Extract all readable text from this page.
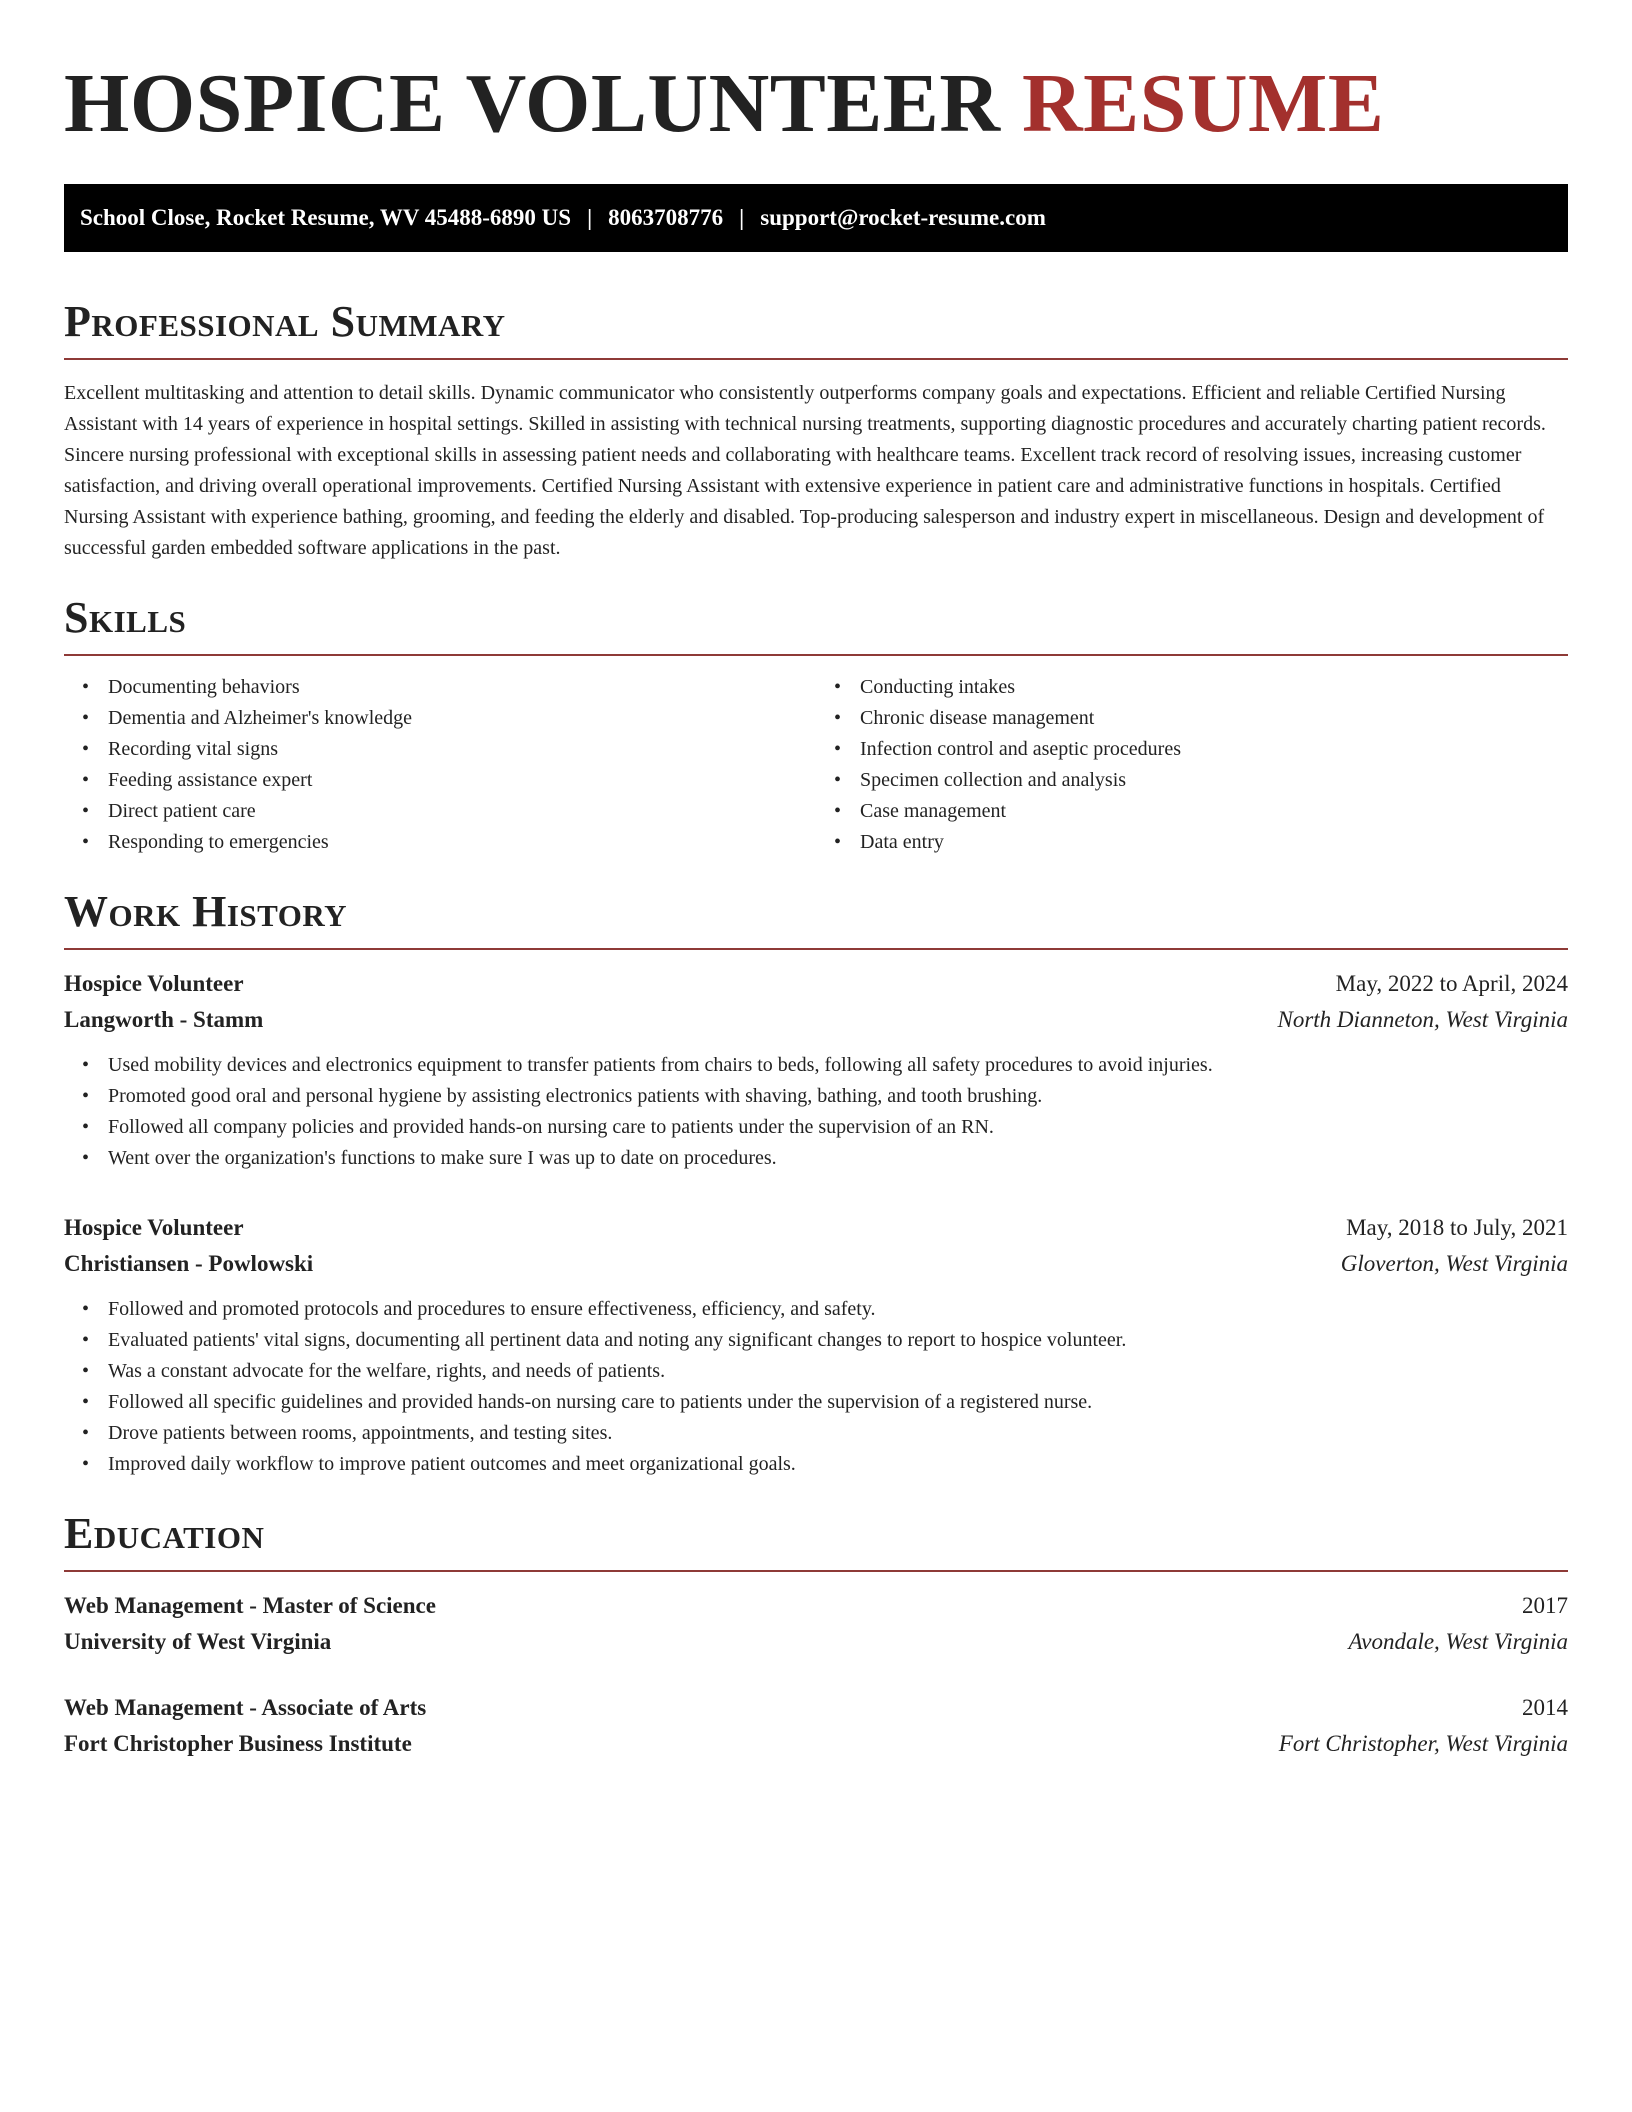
HOSPICE VOLUNTEER RESUME
School Close, Rocket Resume, WV 45488-6890 US | 8063708776 | support@rocket-resume.com
Professional Summary

Excellent multitasking and attention to detail skills. Dynamic communicator who consistently outperforms company goals and expectations. Efficient and reliable Certified Nursing Assistant with 14 years of experience in hospital settings. Skilled in assisting with technical nursing treatments, supporting diagnostic procedures and accurately charting patient records. Sincere nursing professional with exceptional skills in assessing patient needs and collaborating with healthcare teams. Excellent track record of resolving issues, increasing customer satisfaction, and driving overall operational improvements. Certified Nursing Assistant with extensive experience in patient care and administrative functions in hospitals. Certified Nursing Assistant with experience bathing, grooming, and feeding the elderly and disabled. Top-producing salesperson and industry expert in miscellaneous. Design and development of successful garden embedded software applications in the past.

Skills
• Documenting behaviors
• Dementia and Alzheimer's knowledge
• Recording vital signs
• Feeding assistance expert
• Direct patient care
• Responding to emergencies
• Conducting intakes
• Chronic disease management
• Infection control and aseptic procedures
• Specimen collection and analysis
• Case management
• Data entry
Work History
Hospice Volunteer	May, 2022 to April, 2024
Langworth - Stamm	North Dianneton, West Virginia
• Used mobility devices and electronics equipment to transfer patients from chairs to beds, following all safety procedures to avoid injuries.
• Promoted good oral and personal hygiene by assisting electronics patients with shaving, bathing, and tooth brushing.
• Followed all company policies and provided hands-on nursing care to patients under the supervision of an RN.
• Went over the organization's functions to make sure I was up to date on procedures.
Hospice Volunteer	May, 2018 to July, 2021
Christiansen - Powlowski	Gloverton, West Virginia
• Followed and promoted protocols and procedures to ensure effectiveness, efficiency, and safety.
• Evaluated patients' vital signs, documenting all pertinent data and noting any significant changes to report to hospice volunteer.
• Was a constant advocate for the welfare, rights, and needs of patients.
• Followed all specific guidelines and provided hands-on nursing care to patients under the supervision of a registered nurse.
• Drove patients between rooms, appointments, and testing sites.
• Improved daily workflow to improve patient outcomes and meet organizational goals.
Education
Web Management - Master of Science	2017
University of West Virginia	Avondale, West Virginia
Web Management - Associate of Arts	2014
Fort Christopher Business Institute	Fort Christopher, West Virginia
